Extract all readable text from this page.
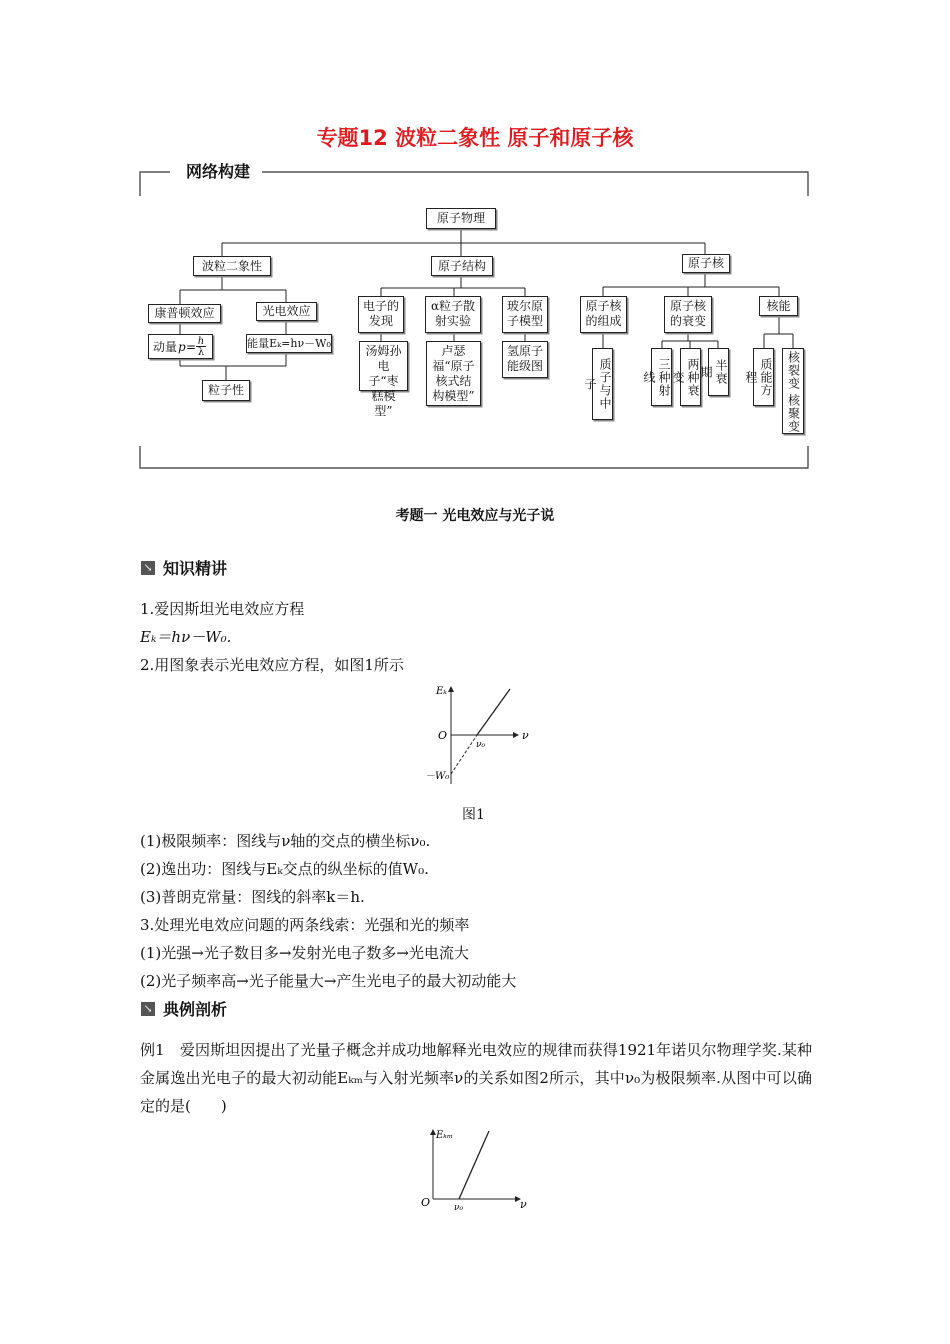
专题12 波粒二象性 原子和原子核
网络构建
原子物理
波粒二象性
康普顿效应	光电效应
动量 p = h
λ
能量Eₖ=hν－W₀
粒子性
原子结构
电子的发现
汤姆孙电子“枣糕模型”
α粒子散射实验
卢瑟福“原子核式结构模型”
玻尔原子模型
氢原子能级图
原子核
原子核的组成
质子与中子
原子核的衰变
三种射线	两种衰变	半衰期
核能
质能方程	核裂变
核聚变
考题一 光电效应与光子说
↘ 知识精讲
1.爱因斯坦光电效应方程
Eₖ＝hν－W₀.
2.用图象表示光电效应方程，如图1所示
Eₖ
O
ν₀
ν
－W₀
图1
(1)极限频率：图线与ν轴的交点的横坐标ν₀.
(2)逸出功：图线与Eₖ交点的纵坐标的值W₀.
(3)普朗克常量：图线的斜率k＝h.
3.处理光电效应问题的两条线索：光强和光的频率
(1)光强→光子数目多→发射光电子数多→光电流大
(2)光子频率高→光子能量大→产生光电子的最大初动能大
↘ 典例剖析
例1　爱因斯坦因提出了光量子概念并成功地解释光电效应的规律而获得1921年诺贝尔物理学奖.某种金属逸出光电子的最大初动能Eₖₘ与入射光频率ν的关系如图2所示，其中ν₀为极限频率.从图中可以确定的是(　　)
Eₖₘ
O	ν₀	ν
